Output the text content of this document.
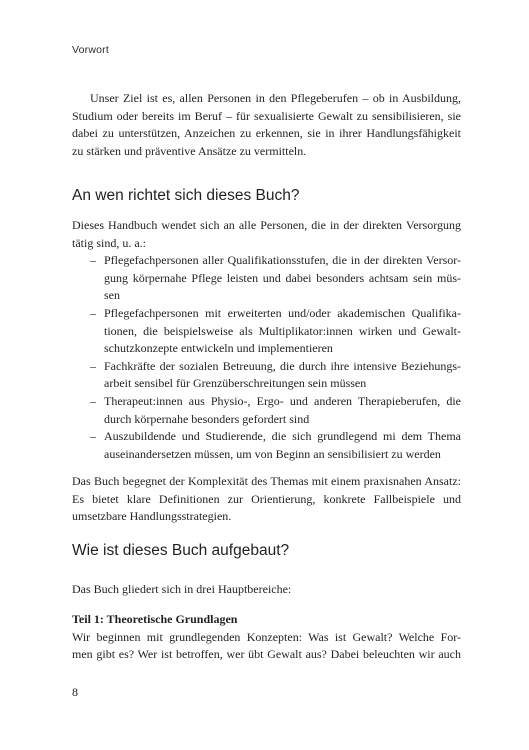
Vorwort
Unser Ziel ist es, allen Personen in den Pflegeberufen – ob in Ausbildung,
Studium oder bereits im Beruf – für sexualisierte Gewalt zu sensibilisieren, sie
dabei zu unterstützen, Anzeichen zu erkennen, sie in ihrer Handlungsfähigkeit
zu stärken und präventive Ansätze zu vermitteln.
An wen richtet sich dieses Buch?
Dieses Handbuch wendet sich an alle Personen, die in der direkten Versorgung
tätig sind, u. a.:
– Pflegefachpersonen aller Qualifikationsstufen, die in der direkten Versor-
gung körpernahe Pflege leisten und dabei besonders achtsam sein müs-
sen
– Pflegefachpersonen mit erweiterten und/oder akademischen Qualifika-
tionen, die beispielsweise als Multiplikator:innen wirken und Gewalt-
schutzkonzepte entwickeln und implementieren
– Fachkräfte der sozialen Betreuung, die durch ihre intensive Beziehungs-
arbeit sensibel für Grenzüberschreitungen sein müssen
– Therapeut:innen aus Physio-, Ergo- und anderen Therapieberufen, die
durch körpernahe besonders gefordert sind
– Auszubildende und Studierende, die sich grundlegend mi dem Thema
auseinandersetzen müssen, um von Beginn an sensibilisiert zu werden
Das Buch begegnet der Komplexität des Themas mit einem praxisnahen Ansatz:
Es bietet klare Definitionen zur Orientierung, konkrete Fallbeispiele und
umsetzbare Handlungsstrategien.
Wie ist dieses Buch aufgebaut?
Das Buch gliedert sich in drei Hauptbereiche:
Teil 1: Theoretische Grundlagen
Wir beginnen mit grundlegenden Konzepten: Was ist Gewalt? Welche For-
men gibt es? Wer ist betroffen, wer übt Gewalt aus? Dabei beleuchten wir auch
8
